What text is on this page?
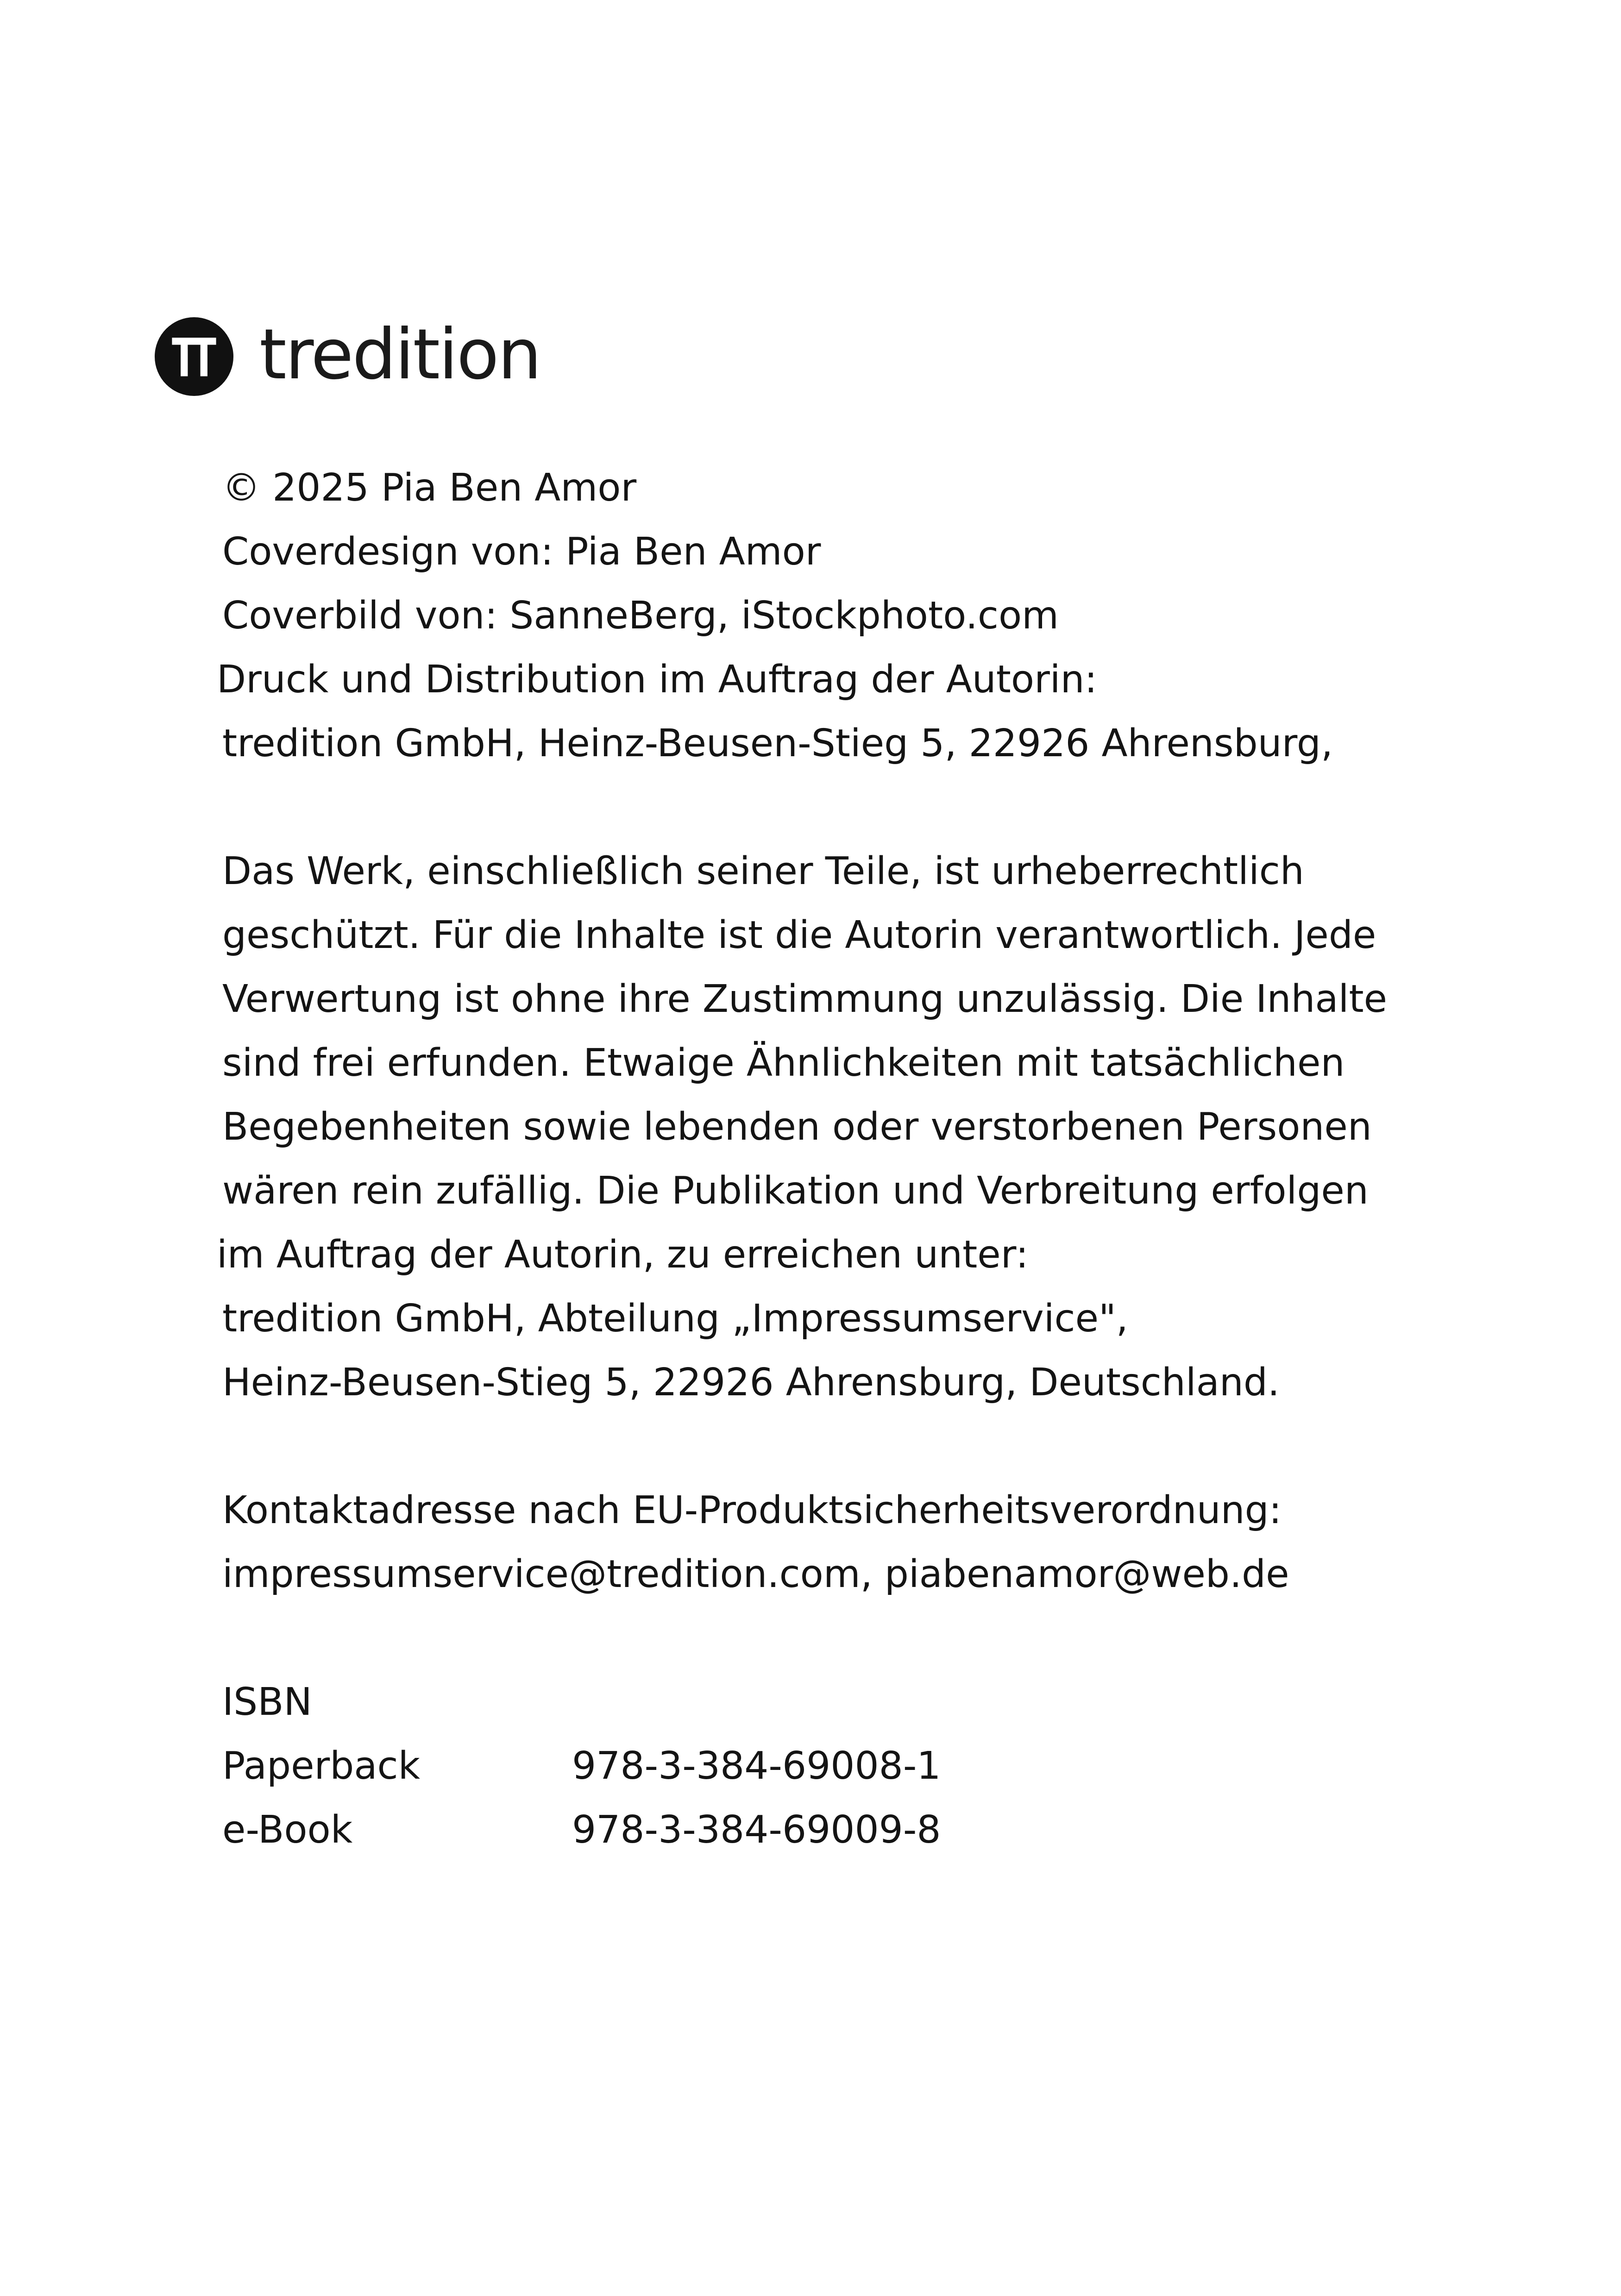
tredition
© 2025 Pia Ben Amor
Coverdesign von: Pia Ben Amor
Coverbild von: SanneBerg, iStockphoto.com
Druck und Distribution im Auftrag der Autorin:
tredition GmbH, Heinz-Beusen-Stieg 5, 22926 Ahrensburg,
Das Werk, einschließlich seiner Teile, ist urheberrechtlich
geschützt. Für die Inhalte ist die Autorin verantwortlich. Jede
Verwertung ist ohne ihre Zustimmung unzulässig. Die Inhalte
sind frei erfunden. Etwaige Ähnlichkeiten mit tatsächlichen
Begebenheiten sowie lebenden oder verstorbenen Personen
wären rein zufällig. Die Publikation und Verbreitung erfolgen
im Auftrag der Autorin, zu erreichen unter:
tredition GmbH, Abteilung „Impressumservice",
Heinz-Beusen-Stieg 5, 22926 Ahrensburg, Deutschland.
Kontaktadresse nach EU-Produktsicherheitsverordnung:
impressumservice@tredition.com, piabenamor@web.de
ISBN
Paperback	978-3-384-69008-1
e-Book	978-3-384-69009-8
